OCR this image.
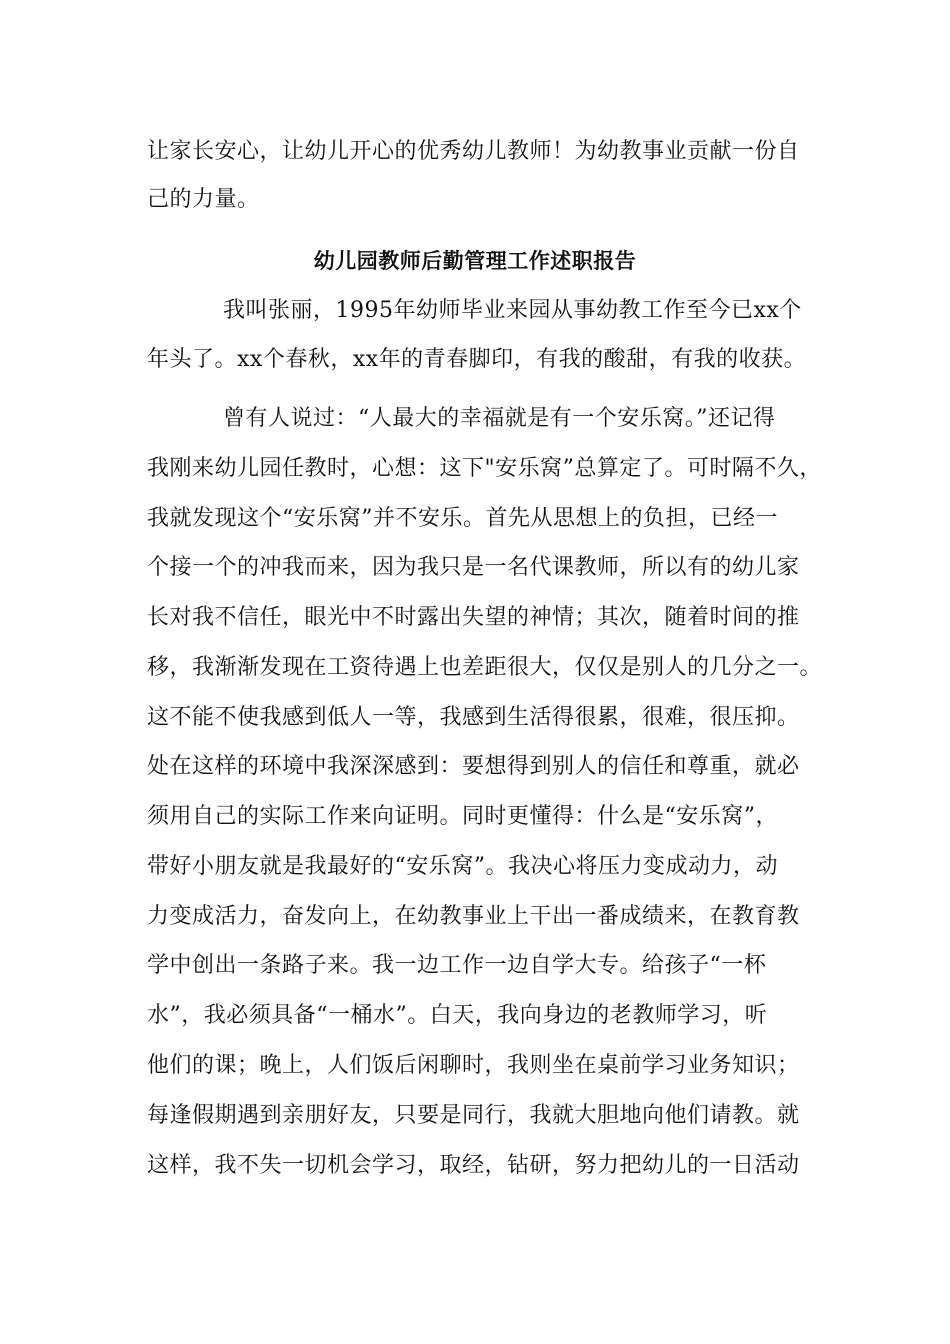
让家长安心，让幼儿开心的优秀幼儿教师！为幼教事业贡献一份自
己的力量。
幼儿园教师后勤管理工作述职报告
我叫张丽，1995年幼师毕业来园从事幼教工作至今已xx个
年头了。xx个春秋，xx年的青春脚印，有我的酸甜，有我的收获。
曾有人说过：“人最大的幸福就是有一个安乐窝。”还记得
我刚来幼儿园任教时，心想：这下"安乐窝”总算定了。可时隔不久，
我就发现这个“安乐窝”并不安乐。首先从思想上的负担，已经一
个接一个的冲我而来，因为我只是一名代课教师，所以有的幼儿家
长对我不信任，眼光中不时露出失望的神情；其次，随着时间的推
移，我渐渐发现在工资待遇上也差距很大，仅仅是别人的几分之一。
这不能不使我感到低人一等，我感到生活得很累，很难，很压抑。
处在这样的环境中我深深感到：要想得到别人的信任和尊重，就必
须用自己的实际工作来向证明。同时更懂得：什么是“安乐窝”，
带好小朋友就是我最好的“安乐窝”。我决心将压力变成动力，动
力变成活力，奋发向上，在幼教事业上干出一番成绩来，在教育教
学中创出一条路子来。我一边工作一边自学大专。给孩子“一杯
水”，我必须具备“一桶水”。白天，我向身边的老教师学习，听
他们的课；晚上，人们饭后闲聊时，我则坐在桌前学习业务知识；
每逢假期遇到亲朋好友，只要是同行，我就大胆地向他们请教。就
这样，我不失一切机会学习，取经，钻研，努力把幼儿的一日活动
